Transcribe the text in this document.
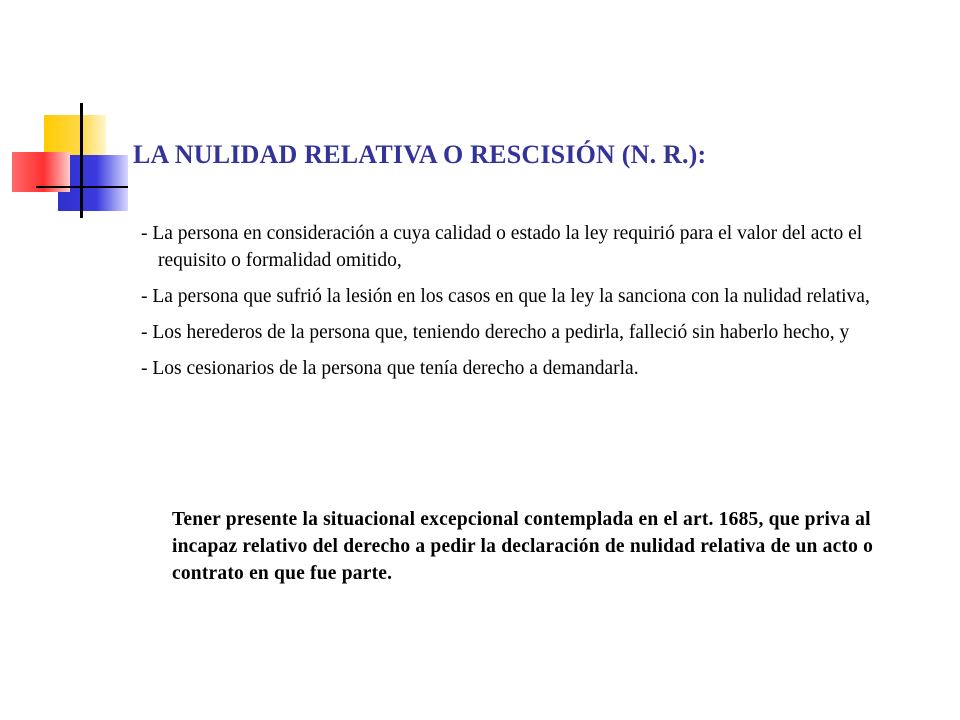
LA NULIDAD RELATIVA O RESCISIÓN (N. R.):

- La persona en consideración a cuya calidad o estado la ley requirió para el valor del acto el requisito o formalidad omitido,

- La persona que sufrió la lesión en los casos en que la ley la sanciona con la nulidad relativa,

- Los herederos de la persona que, teniendo derecho a pedirla, falleció sin haberlo hecho, y

- Los cesionarios de la persona que tenía derecho a demandarla.

Tener presente la situacional excepcional contemplada en el art. 1685, que priva al incapaz relativo del derecho a pedir la declaración de nulidad relativa de un acto o contrato en que fue parte.
